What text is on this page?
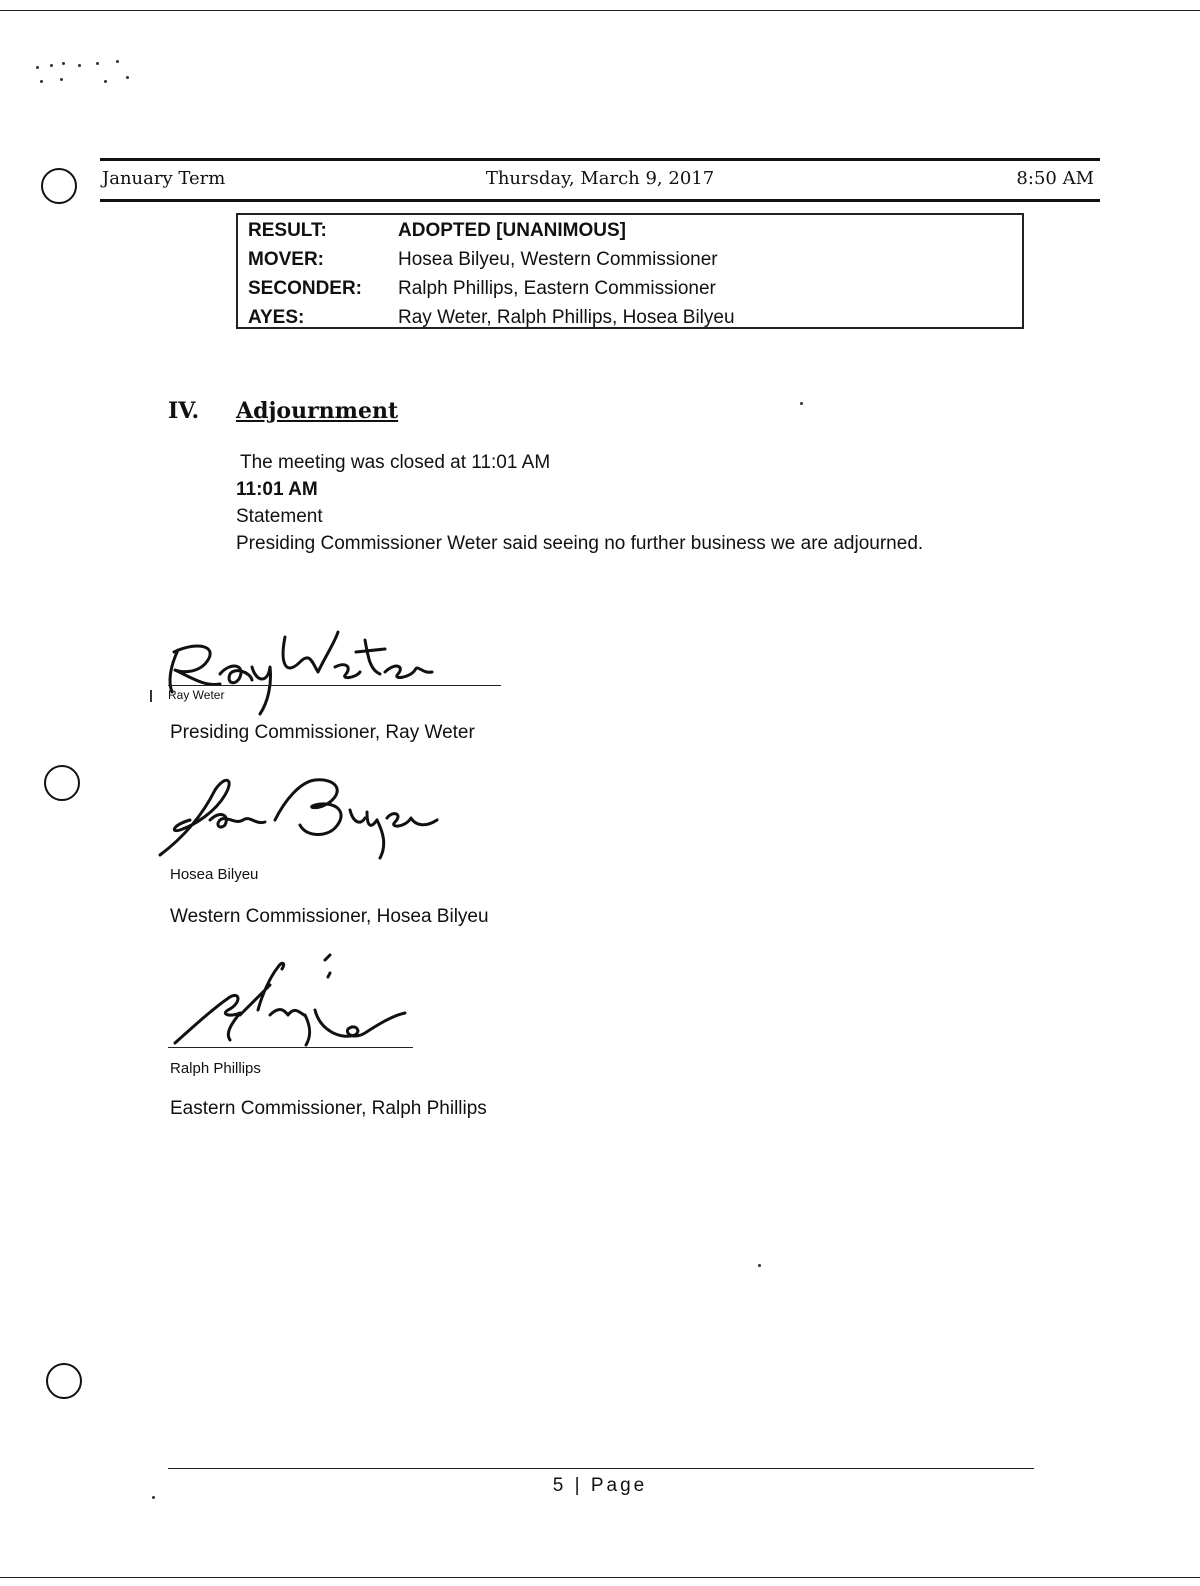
January Term	Thursday, March 9, 2017	8:50 AM
RESULT:	ADOPTED [UNANIMOUS]
MOVER:	Hosea Bilyeu, Western Commissioner
SECONDER: Ralph Phillips, Eastern Commissioner
AYES:	Ray Weter, Ralph Phillips, Hosea Bilyeu
IV. Adjournment
The meeting was closed at 11:01 AM
11:01 AM
Statement
Presiding Commissioner Weter said seeing no further business we are adjourned.
Ray Weter
Presiding Commissioner, Ray Weter
Hosea Bilyeu
Western Commissioner, Hosea Bilyeu
Ralph Phillips
Eastern Commissioner, Ralph Phillips
5 | Page
